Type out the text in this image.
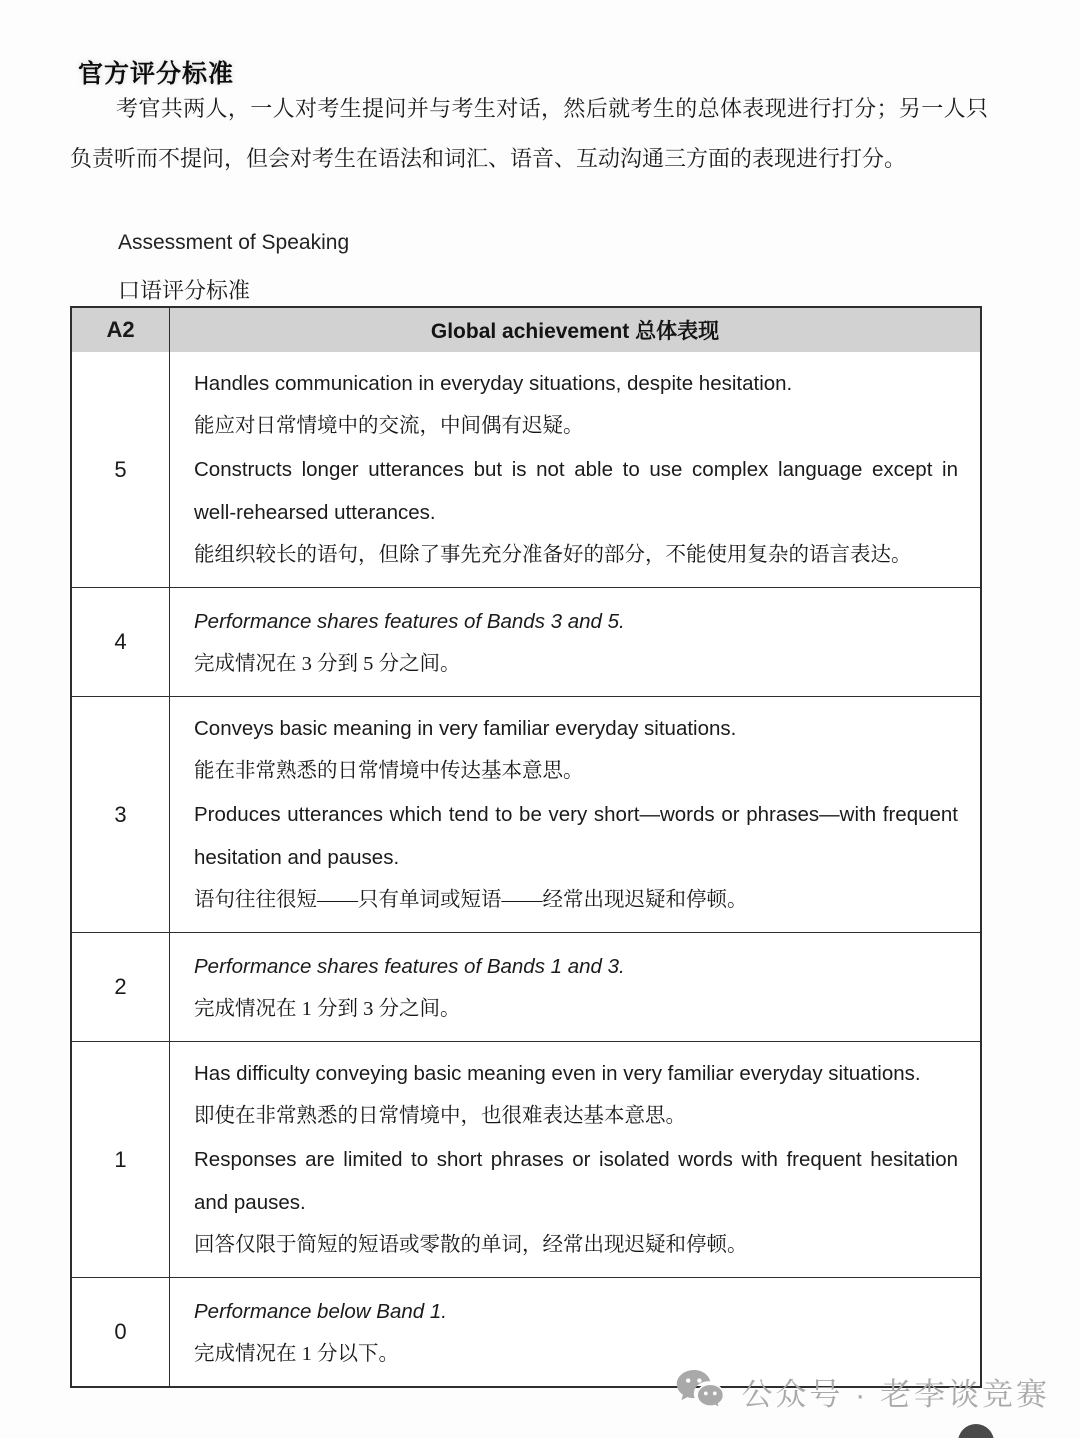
官方评分标准

考官共两人，一人对考生提问并与考生对话，然后就考生的总体表现进行打分；另一人只负责听而不提问，但会对考生在语法和词汇、语音、互动沟通三方面的表现进行打分。

Assessment of Speaking
口语评分标准
A2	Global achievement 总体表现
5

Handles communication in everyday situations, despite hesitation.

能应对日常情境中的交流，中间偶有迟疑。

Constructs longer utterances but is not able to use complex language except in well-rehearsed utterances.

能组织较长的语句，但除了事先充分准备好的部分，不能使用复杂的语言表达。

4

Performance shares features of Bands 3 and 5.

完成情况在 3 分到 5 分之间。

3

Conveys basic meaning in very familiar everyday situations.

能在非常熟悉的日常情境中传达基本意思。

Produces utterances which tend to be very short—words or phrases—with frequent hesitation and pauses.

语句往往很短——只有单词或短语——经常出现迟疑和停顿。

2

Performance shares features of Bands 1 and 3.

完成情况在 1 分到 3 分之间。

1

Has difficulty conveying basic meaning even in very familiar everyday situations.

即使在非常熟悉的日常情境中，也很难表达基本意思。

Responses are limited to short phrases or isolated words with frequent hesitation and pauses.

回答仅限于简短的短语或零散的单词，经常出现迟疑和停顿。

0

Performance below Band 1.

完成情况在 1 分以下。

公众号 · 老李谈竞赛
